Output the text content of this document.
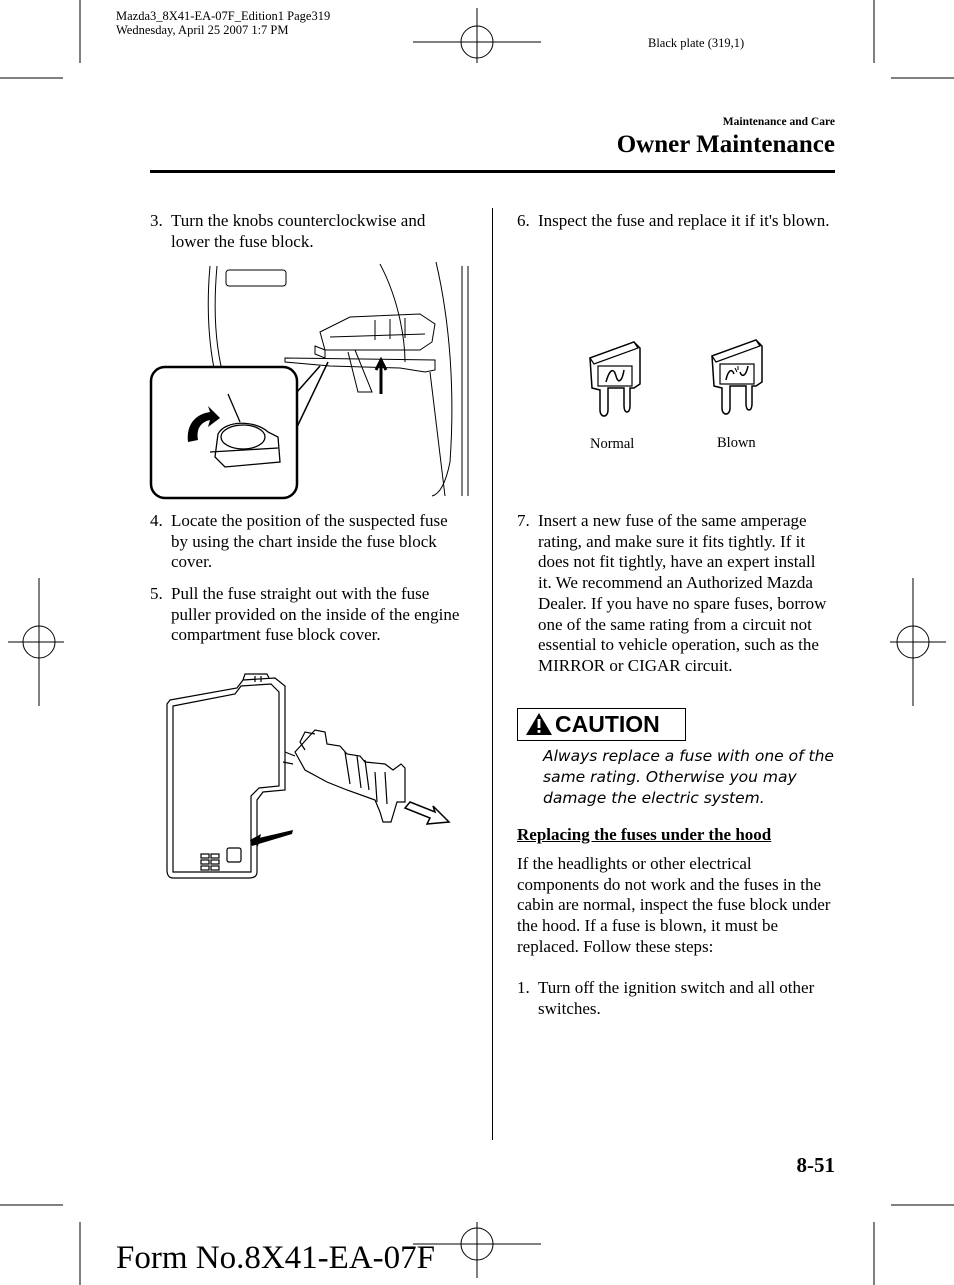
Mazda3_8X41-EA-07F_Edition1 Page319
Wednesday, April 25 2007 1:7 PM
Black plate (319,1)
Maintenance and Care
Owner Maintenance
3. Turn the knobs counterclockwise and lower the fuse block.
4. Locate the position of the suspected fuse by using the chart inside the fuse block cover.
5. Pull the fuse straight out with the fuse puller provided on the inside of the engine compartment fuse block cover.
6. Inspect the fuse and replace it if it's blown.
Normal	Blown
7. Insert a new fuse of the same amperage rating, and make sure it fits tightly. If it does not fit tightly, have an expert install it. We recommend an Authorized Mazda Dealer. If you have no spare fuses, borrow one of the same rating from a circuit not essential to vehicle operation, such as the MIRROR or CIGAR circuit.
CAUTION
Always replace a fuse with one of the same rating. Otherwise you may damage the electric system.
Replacing the fuses under the hood
If the headlights or other electrical components do not work and the fuses in the cabin are normal, inspect the fuse block under the hood. If a fuse is blown, it must be replaced. Follow these steps:
1. Turn off the ignition switch and all other switches.
8-51
Form No.8X41-EA-07F
